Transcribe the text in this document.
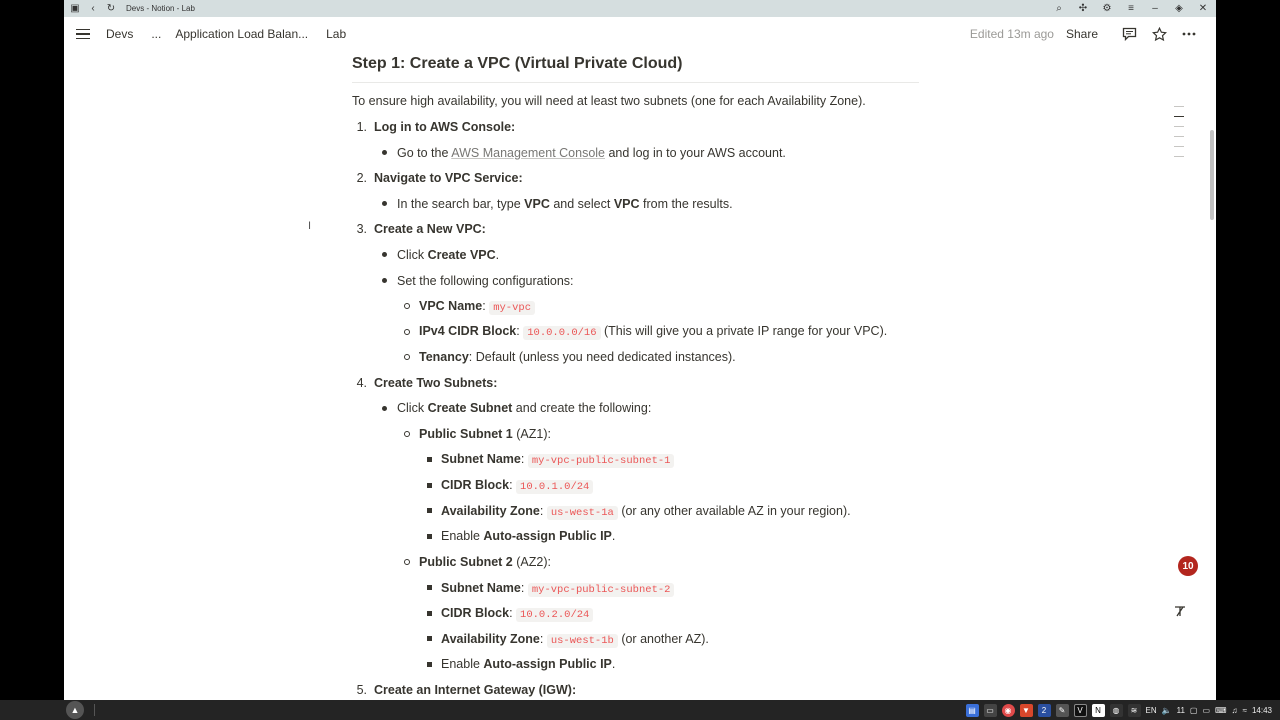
▣	‹	↻	Devs - Notion - Lab	⌕	✣ ⚙	≡	–	◈	✕
Devs ... Application Load Balan... Lab	Edited 13m ago Share
Step 1: Create a VPC (Virtual Private Cloud)
To ensure high availability, you will need at least two subnets (one for each Availability Zone).
1. Log in to AWS Console:
Go to the AWS Management Console and log in to your AWS account.
2. Navigate to VPC Service:
In the search bar, type VPC and select VPC from the results.
3. Create a New VPC:
Click Create VPC.
Set the following configurations:
VPC Name: my-vpc
IPv4 CIDR Block: 10.0.0.0/16 (This will give you a private IP range for your VPC).
Tenancy: Default (unless you need dedicated instances).
4. Create Two Subnets:
Click Create Subnet and create the following:
Public Subnet 1 (AZ1):
Subnet Name: my-vpc-public-subnet-1
CIDR Block: 10.0.1.0/24
Availability Zone: us-west-1a (or any other available AZ in your region).
Enable Auto-assign Public IP.
Public Subnet 2 (AZ2):
Subnet Name: my-vpc-public-subnet-2
CIDR Block: 10.0.2.0/24
Availability Zone: us-west-1b (or another AZ).
Enable Auto-assign Public IP.
5. Create an Internet Gateway (IGW):
I
10
▲	▤	▭	◉	▼	2	✎	V	N	◍	≋	EN 🔈 11 ▢ ▭ ⌨ ♫ ≈ 14:43
